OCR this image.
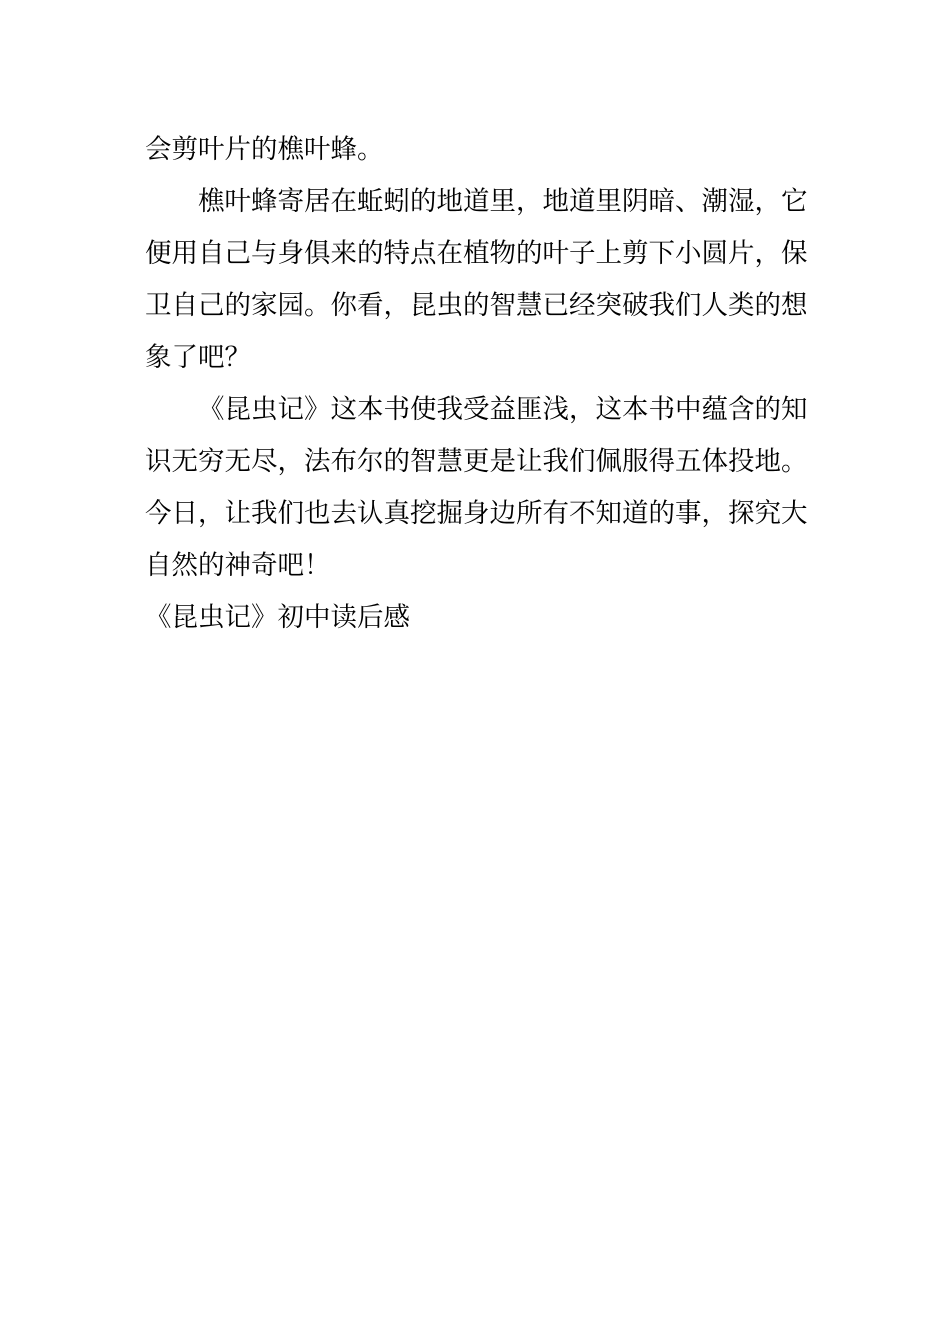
会剪叶片的樵叶蜂。
樵叶蜂寄居在蚯蚓的地道里，地道里阴暗、潮湿，它
便用自己与身俱来的特点在植物的叶子上剪下小圆片，保
卫自己的家园。你看，昆虫的智慧已经突破我们人类的想
象了吧？
《昆虫记》这本书使我受益匪浅，这本书中蕴含的知
识无穷无尽，法布尔的智慧更是让我们佩服得五体投地。
今日，让我们也去认真挖掘身边所有不知道的事，探究大
自然的神奇吧！
《昆虫记》初中读后感
